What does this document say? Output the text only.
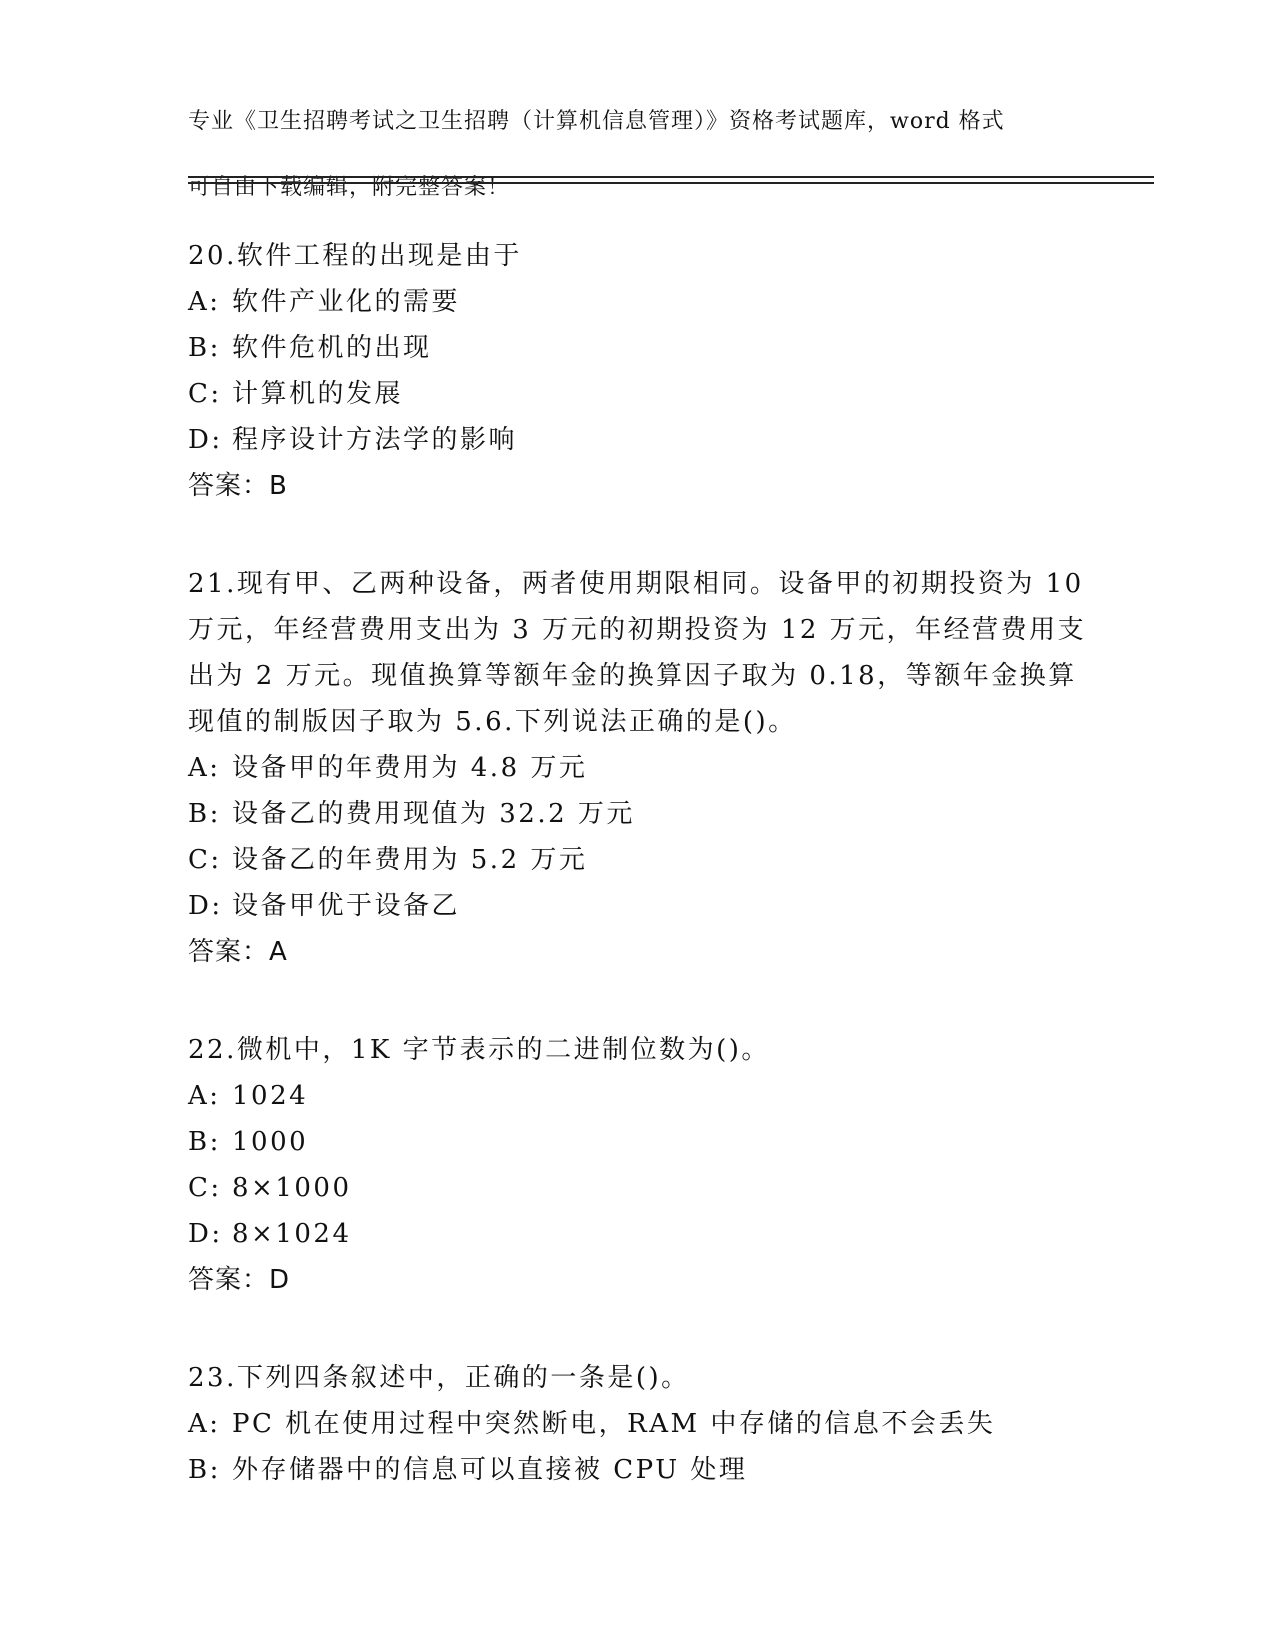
专业《卫生招聘考试之卫生招聘（计算机信息管理）》资格考试题库，word 格式

可自由下载编辑，附完整答案！

20.软件工程的出现是由于
A: 软件产业化的需要
B: 软件危机的出现
C: 计算机的发展
D: 程序设计方法学的影响
答案：B
21.现有甲、乙两种设备，两者使用期限相同。设备甲的初期投资为 10 万元，年经营费用支出为 3 万元的初期投资为 12 万元，年经营费用支出为 2 万元。现值换算等额年金的换算因子取为 0.18，等额年金换算现值的制版因子取为 5.6.下列说法正确的是()。
A: 设备甲的年费用为 4.8 万元
B: 设备乙的费用现值为 32.2 万元
C: 设备乙的年费用为 5.2 万元
D: 设备甲优于设备乙
答案：A
22.微机中，1K 字节表示的二进制位数为()。
A: 1024
B: 1000
C: 8×1000
D: 8×1024
答案：D
23.下列四条叙述中，正确的一条是()。
A: PC 机在使用过程中突然断电，RAM 中存储的信息不会丢失
B: 外存储器中的信息可以直接被 CPU 处理
